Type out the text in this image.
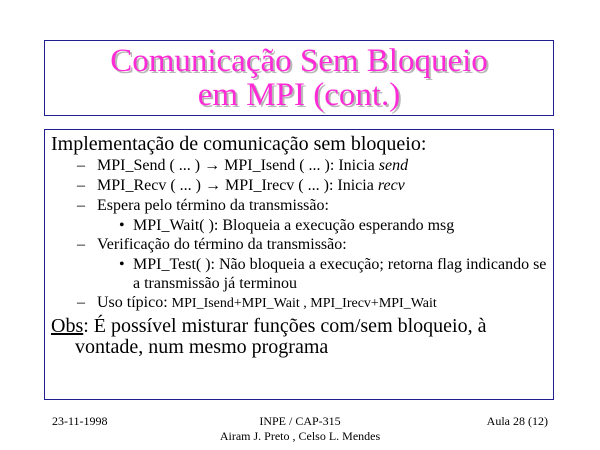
Comunicação Sem Bloqueio
em MPI (cont.)
Implementação de comunicação sem bloqueio:
– MPI_Send ( ... ) → MPI_Isend ( ... ): Inicia send
– MPI_Recv ( ... ) → MPI_Irecv ( ... ): Inicia recv
– Espera pelo término da transmissão:
• MPI_Wait( ): Bloqueia a execução esperando msg
– Verificação do término da transmissão:
• MPI_Test( ): Não bloqueia a execução; retorna flag indicando se a transmissão já terminou
– Uso típico: MPI_Isend+MPI_Wait , MPI_Irecv+MPI_Wait
Obs: É possível misturar funções com/sem bloqueio, à vontade, num mesmo programa
23-11-1998	INPE / CAP-315
Airam J. Preto , Celso L. Mendes
Aula 28 (12)
